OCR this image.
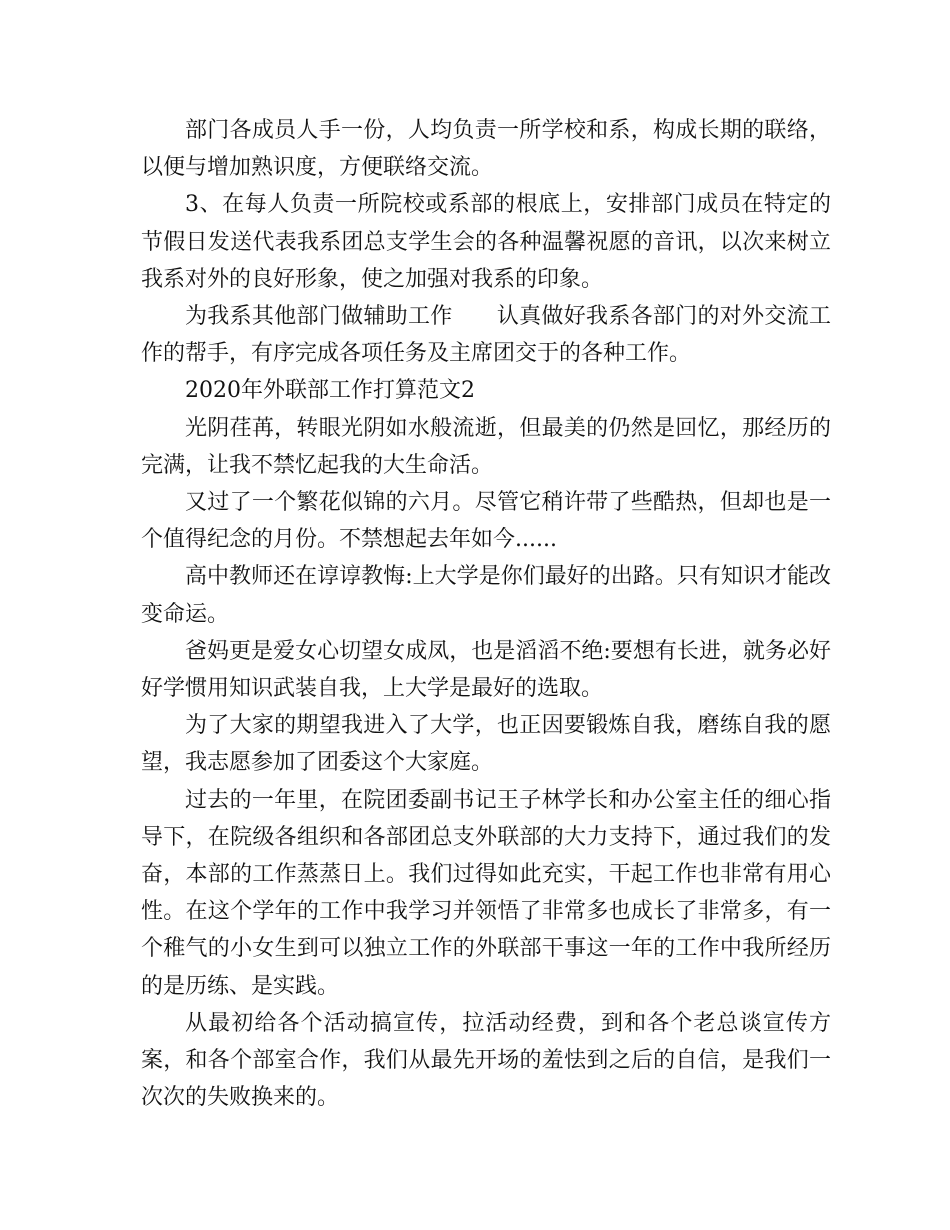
部门各成员人手一份，人均负责一所学校和系，构成长期的联络，以便与增加熟识度，方便联络交流。

3、在每人负责一所院校或系部的根底上，安排部门成员在特定的节假日发送代表我系团总支学生会的各种温馨祝愿的音讯，以次来树立我系对外的良好形象，使之加强对我系的印象。

为我系其他部门做辅助工作 认真做好我系各部门的对外交流工作的帮手，有序完成各项任务及主席团交于的各种工作。

2020年外联部工作打算范文2

光阴荏苒，转眼光阴如水般流逝，但最美的仍然是回忆，那经历的完满，让我不禁忆起我的大生命活。

又过了一个繁花似锦的六月。尽管它稍许带了些酷热，但却也是一个值得纪念的月份。不禁想起去年如今......

高中教师还在谆谆教悔:上大学是你们最好的出路。只有知识才能改变命运。

爸妈更是爱女心切望女成凤，也是滔滔不绝:要想有长进，就务必好好学惯用知识武装自我，上大学是最好的选取。

为了大家的期望我进入了大学，也正因要锻炼自我，磨练自我的愿望，我志愿参加了团委这个大家庭。

过去的一年里，在院团委副书记王子林学长和办公室主任的细心指导下，在院级各组织和各部团总支外联部的大力支持下，通过我们的发奋，本部的工作蒸蒸日上。我们过得如此充实，干起工作也非常有用心性。在这个学年的工作中我学习并领悟了非常多也成长了非常多，有一个稚气的小女生到可以独立工作的外联部干事这一年的工作中我所经历的是历练、是实践。

从最初给各个活动搞宣传，拉活动经费，到和各个老总谈宣传方案，和各个部室合作，我们从最先开场的羞怯到之后的自信，是我们一次次的失败换来的。
